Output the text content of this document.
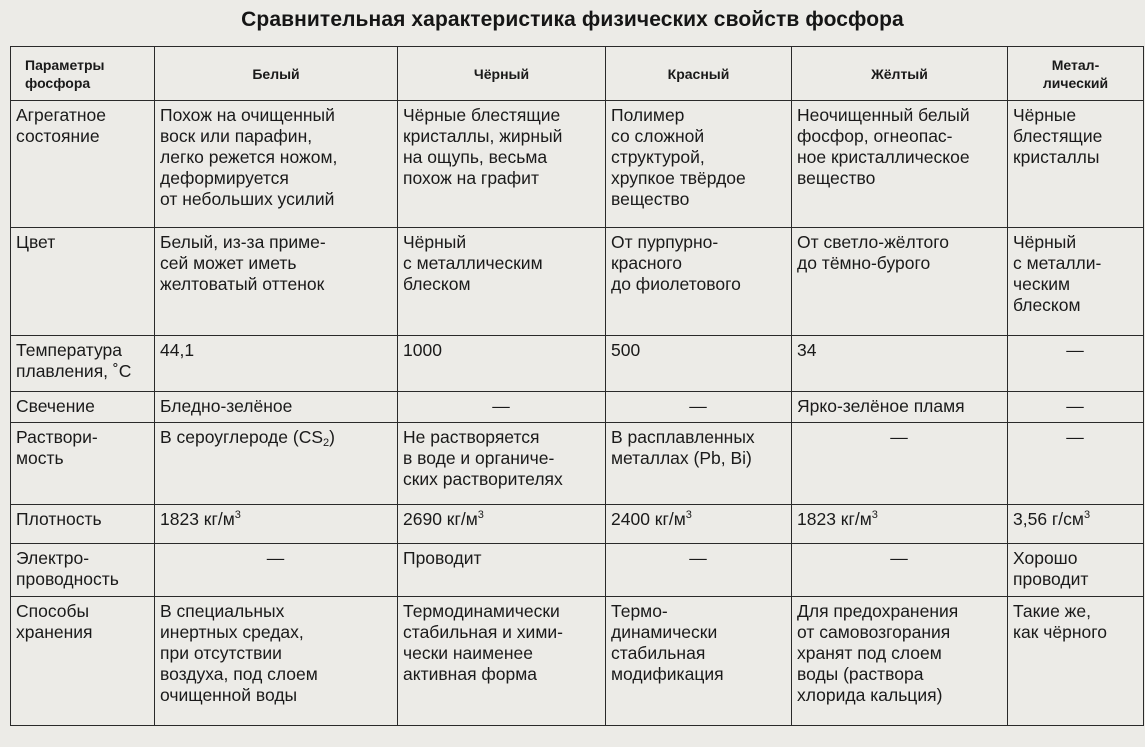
Сравнительная характеристика физических свойств фосфора
Параметры
фосфора	Белый	Чёрный	Красный	Жёлтый	Метал-
лический
Агрегатное
состояние	Похож на очищенный
воск или парафин,
легко режется ножом,
деформируется
от небольших усилий	Чёрные блестящие
кристаллы, жирный
на ощупь, весьма
похож на графит	Полимер
со сложной
структурой,
хрупкое твёрдое
вещество	Неочищенный белый
фосфор, огнеопас-
ное кристаллическое
вещество	Чёрные
блестящие
кристаллы
Цвет	Белый, из-за приме-
сей может иметь
желтоватый оттенок	Чёрный
с металлическим
блеском	От пурпурно-
красного
до фиолетового	От светло-жёлтого
до тёмно-бурого	Чёрный
с металли-
ческим
блеском
Температура
плавления, ˚С	44,1	1000	500	34	—
Свечение	Бледно-зелёное	—	—	Ярко-зелёное пламя	—
Раствори-
мость	В сероуглероде $(CS_2)$	Не растворяется
в воде и органиче-
ских растворителях	В расплавленных
металлах (Pb, Bi)	—	—
Плотность	1823 $кг/м^3$	2690 $кг/м^3$	2400 $кг/м^3$	1823 $кг/м^3$	3,56 $г/см^3$
Электро-
проводность	—	Проводит	—	—	Хорошо
проводит
Способы
хранения	В специальных
инертных средах,
при отсутствии
воздуха, под слоем
очищенной воды	Термодинамически
стабильная и хими-
чески наименее
активная форма	Термо-
динамически
стабильная
модификация	Для предохранения
от самовозгорания
хранят под слоем
воды (раствора
хлорида кальция)	Такие же,
как чёрного
